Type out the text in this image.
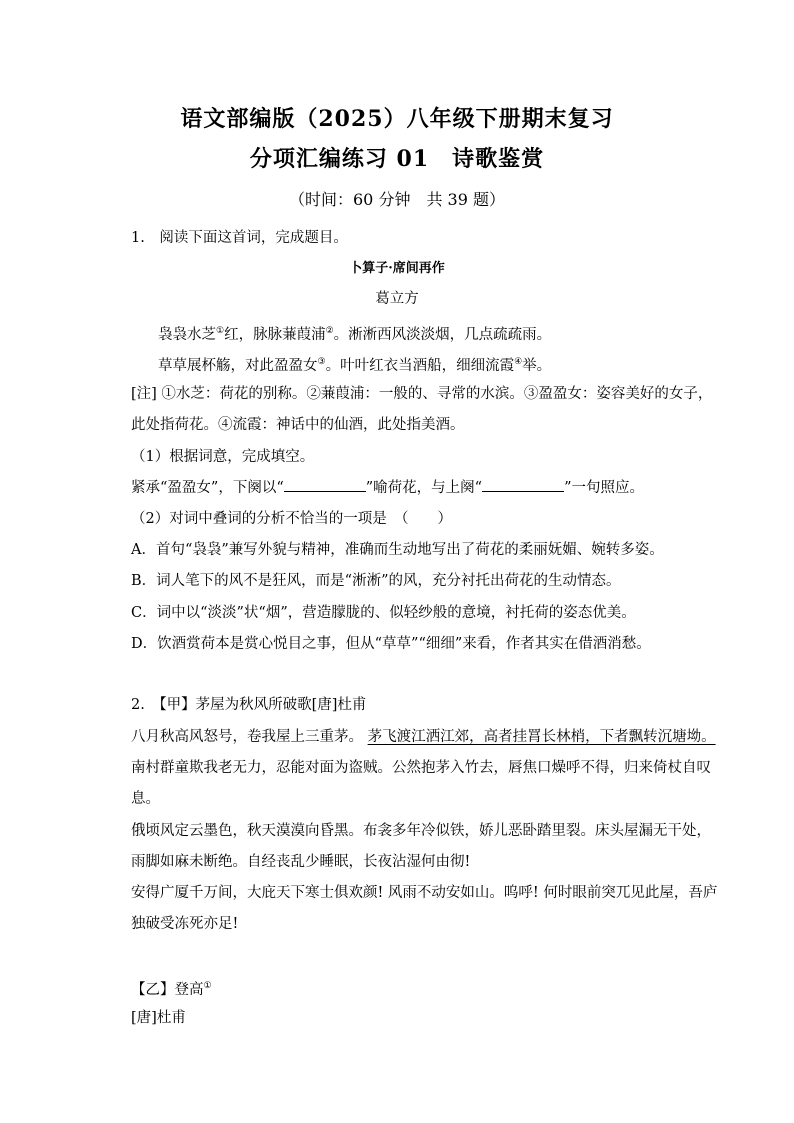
语文部编版（2025）八年级下册期末复习
分项汇编练习 01　诗歌鉴赏
（时间：60 分钟　共 39 题）
1.　阅读下面这首词，完成题目。
卜算子·席间再作
葛立方
袅袅水芝①红，脉脉蒹葭浦②。淅淅西风淡淡烟，几点疏疏雨。
草草展杯觞，对此盈盈女③。叶叶红衣当酒船，细细流霞④举。
[注] ①水芝：荷花的别称。②蒹葭浦：一般的、寻常的水滨。③盈盈女：姿容美好的女子，
此处指荷花。④流霞：神话中的仙酒，此处指美酒。
（1）根据词意，完成填空。
紧承“盈盈女”，下阕以“	”喻荷花，与上阕“	”一句照应。
（2）对词中叠词的分析不恰当的一项是　（　　）
A．首句“袅袅”兼写外貌与精神，准确而生动地写出了荷花的柔丽妩媚、婉转多姿。
B．词人笔下的风不是狂风，而是“淅淅”的风，充分衬托出荷花的生动情态。
C．词中以“淡淡”状“烟”，营造朦胧的、似轻纱般的意境，衬托荷的姿态优美。
D．饮酒赏荷本是赏心悦目之事，但从“草草”“细细”来看，作者其实在借酒消愁。
2.　【甲】茅屋为秋风所破歌[唐]杜甫
八月秋高风怒号，卷我屋上三重茅。 茅飞渡江洒江郊，高者挂罥长林梢，下者飘转沉塘坳。
南村群童欺我老无力，忍能对面为盗贼。公然抱茅入竹去，唇焦口燥呼不得，归来倚杖自叹
息。
俄顷风定云墨色，秋天漠漠向昏黑。布衾多年冷似铁，娇儿恶卧踏里裂。床头屋漏无干处，
雨脚如麻未断绝。自经丧乱少睡眠，长夜沾湿何由彻!
安得广厦千万间，大庇天下寒士俱欢颜! 风雨不动安如山。呜呼! 何时眼前突兀见此屋，吾庐
独破受冻死亦足!
【乙】登高①
[唐]杜甫
